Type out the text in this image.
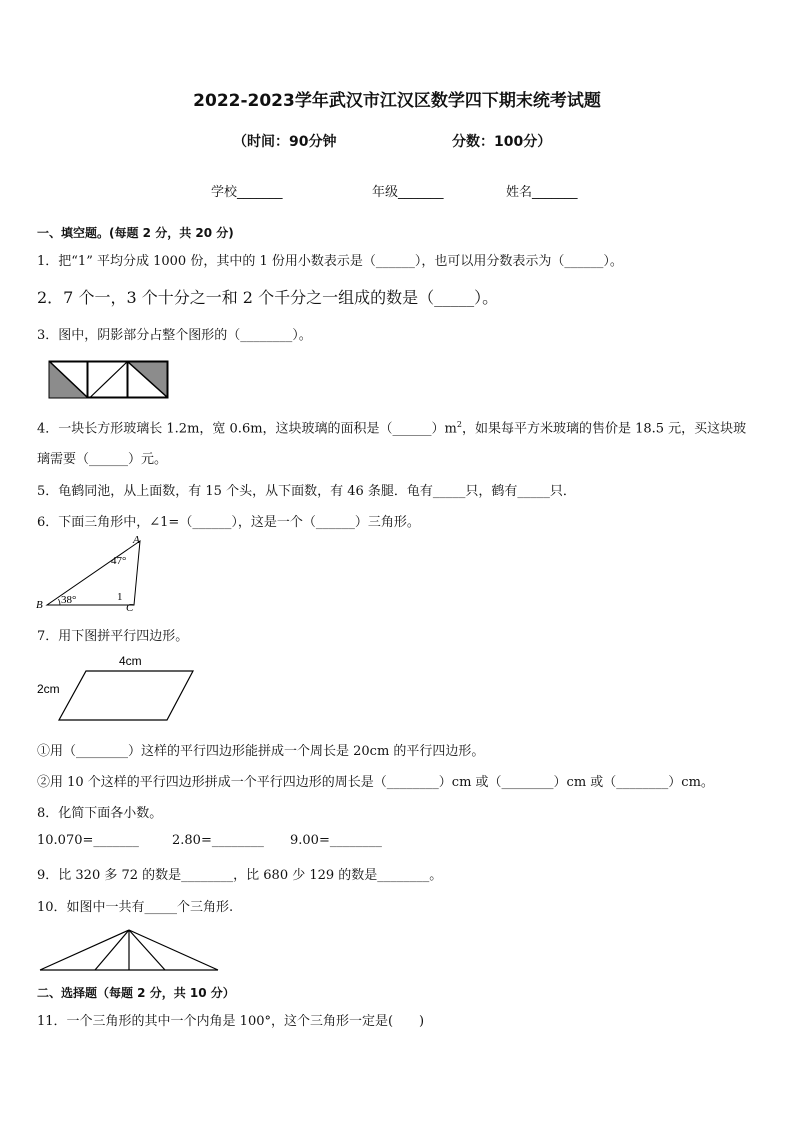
2022-2023学年武汉市江汉区数学四下期末统考试题
（时间：90分钟	分数：100分）
学校_______	年级_______	姓名_______
一、填空题。(每题 2 分，共 20 分)
1．把“1” 平均分成 1000 份，其中的 1 份用小数表示是（______），也可以用分数表示为（______）。
2．7 个一，3 个十分之一和 2 个千分之一组成的数是（_____）。
3．图中，阴影部分占整个图形的（________）。
4．一块长方形玻璃长 1.2m，宽 0.6m，这块玻璃的面积是$(\_\_\_\_\_\_)m^2$，如果每平方米玻璃的售价是 18.5 元，买这块玻璃需要（______）元。
5．龟鹤同池，从上面数，有 15 个头，从下面数，有 46 条腿．龟有_____只，鹤有_____只．
6．下面三角形中，∠1=（______），这是一个（______）三角形。
A
B	C
47°
38°	1
7．用下图拼平行四边形。
4cm
2cm
①用（________）这样的平行四边形能拼成一个周长是 20cm 的平行四边形。
②用 10 个这样的平行四边形拼成一个平行四边形的周长是（________）cm 或（________）cm 或（________）cm。
8．化简下面各小数。
10.070=_______	2.80=________ 9.00=________
9．比 320 多 72 的数是________，比 680 少 129 的数是________。
10．如图中一共有_____个三角形.
二、选择题（每题 2 分，共 10 分）
11．一个三角形的其中一个内角是 100°，这个三角形一定是(　　)
